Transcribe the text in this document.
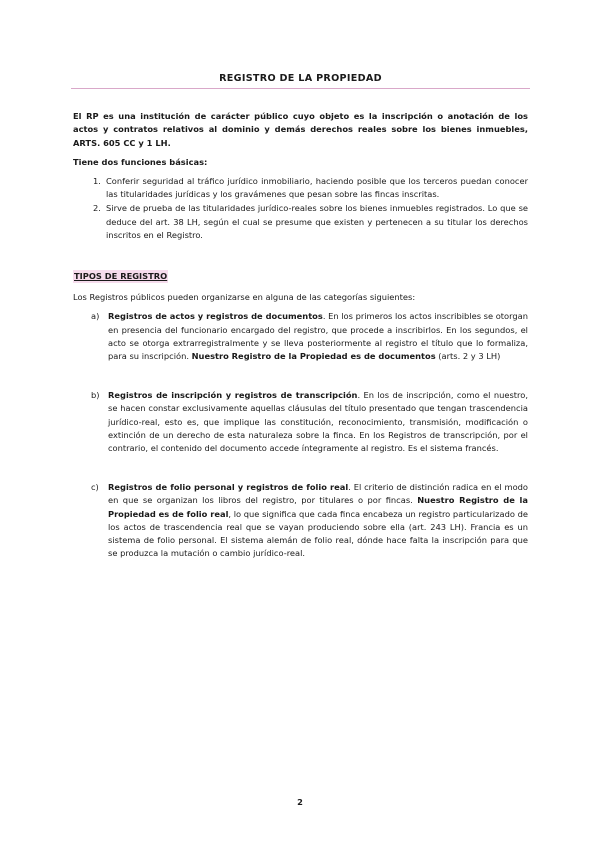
REGISTRO DE LA PROPIEDAD
El RP es una institución de carácter público cuyo objeto es la inscripción o anotación de los actos y contratos relativos al dominio y demás derechos reales sobre los bienes inmuebles, ARTS. 605 CC y 1 LH.
Tiene dos funciones básicas:
1. Conferir seguridad al tráfico jurídico inmobiliario, haciendo posible que los terceros puedan conocer las titularidades jurídicas y los gravámenes que pesan sobre las fincas inscritas.
2. Sirve de prueba de las titularidades jurídico-reales sobre los bienes inmuebles registrados. Lo que se deduce del art. 38 LH, según el cual se presume que existen y pertenecen a su titular los derechos inscritos en el Registro.
TIPOS DE REGISTRO
Los Registros públicos pueden organizarse en alguna de las categorías siguientes:
a) Registros de actos y registros de documentos. En los primeros los actos inscribibles se otorgan en presencia del funcionario encargado del registro, que procede a inscribirlos. En los segundos, el acto se otorga extrarregistralmente y se lleva posteriormente al registro el título que lo formaliza, para su inscripción. Nuestro Registro de la Propiedad es de documentos (arts. 2 y 3 LH)
b) Registros de inscripción y registros de transcripción. En los de inscripción, como el nuestro, se hacen constar exclusivamente aquellas cláusulas del título presentado que tengan trascendencia jurídico-real, esto es, que implique las constitución, reconocimiento, transmisión, modificación o extinción de un derecho de esta naturaleza sobre la finca. En los Registros de transcripción, por el contrario, el contenido del documento accede íntegramente al registro. Es el sistema francés.
c) Registros de folio personal y registros de folio real. El criterio de distinción radica en el modo en que se organizan los libros del registro, por titulares o por fincas. Nuestro Registro de la Propiedad es de folio real, lo que significa que cada finca encabeza un registro particularizado de los actos de trascendencia real que se vayan produciendo sobre ella (art. 243 LH). Francia es un sistema de folio personal. El sistema alemán de folio real, dónde hace falta la inscripción para que se produzca la mutación o cambio jurídico-real.
2
